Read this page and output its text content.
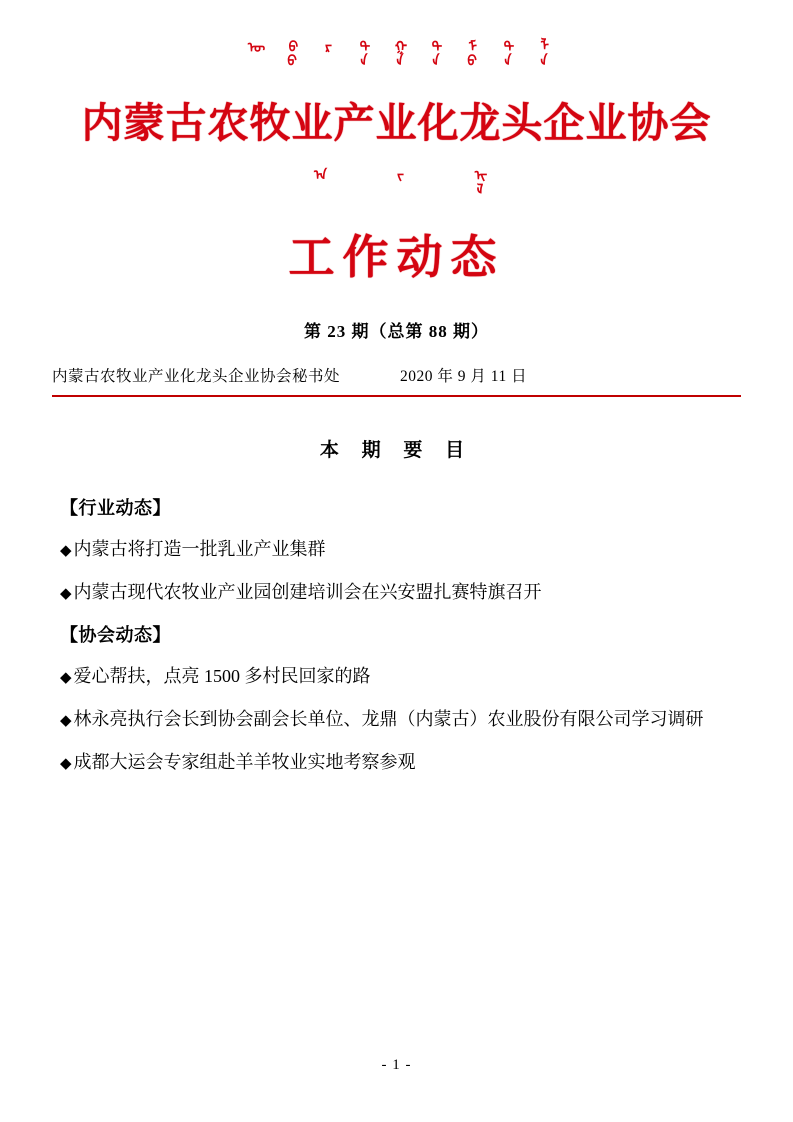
ᠦ ᠪᠦ ᠷ ᠲᠡ ᠭᠡ ᠲᠡ ᠮᠤ ᠲᠠ ᠯᠠ
内蒙古农牧业产业化龙头企业协会
ᠠ	ᠵ	ᠢᠯ
工作动态
第 23 期（总第 88 期）
内蒙古农牧业产业化龙头企业协会秘书处	2020 年 9 月 11 日
本 期 要 目
【行业动态】
◆ 内蒙古将打造一批乳业产业集群
◆ 内蒙古现代农牧业产业园创建培训会在兴安盟扎赛特旗召开
【协会动态】
◆ 爱心帮扶，点亮 1500 多村民回家的路
◆ 林永亮执行会长到协会副会长单位、龙鼎（内蒙古）农业股份有限公司学习调研
◆ 成都大运会专家组赴羊羊牧业实地考察参观
- 1 -
